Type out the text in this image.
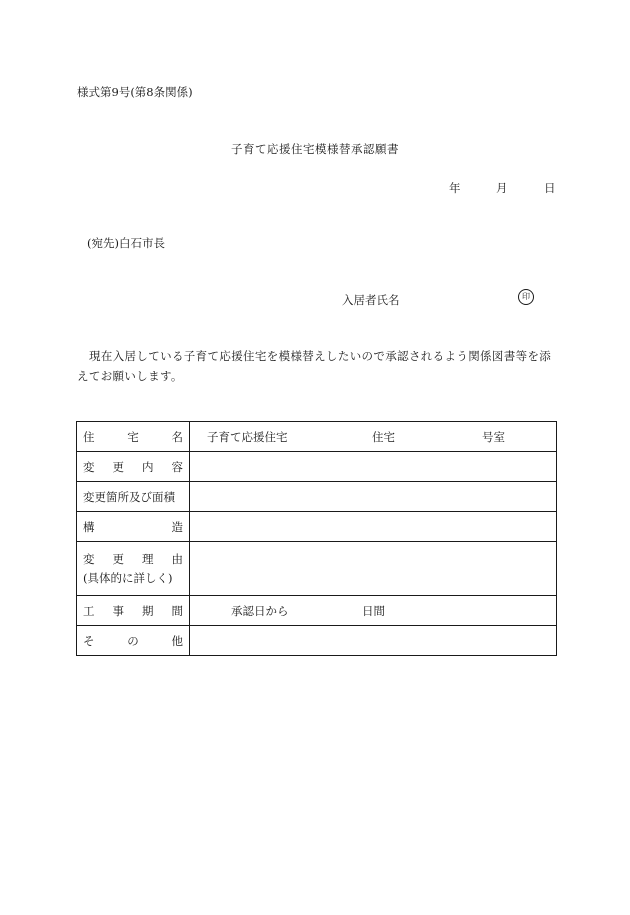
様式第9号(第8条関係)
子育て応援住宅模様替承認願書
年	月	日
(宛先)白石市長
入居者氏名	印
現在入居している子育て応援住宅を模様替えしたいので承認されるよう関係図書等を添えてお願いします。
住 宅 名	子育て応援住宅 住宅 号室

変 更 内 容	

変更箇所及び面積	

構 造	

変 更 理 由
(具体的に詳しく)	

工 事 期 間	承認日から 日間

そ の 他	
